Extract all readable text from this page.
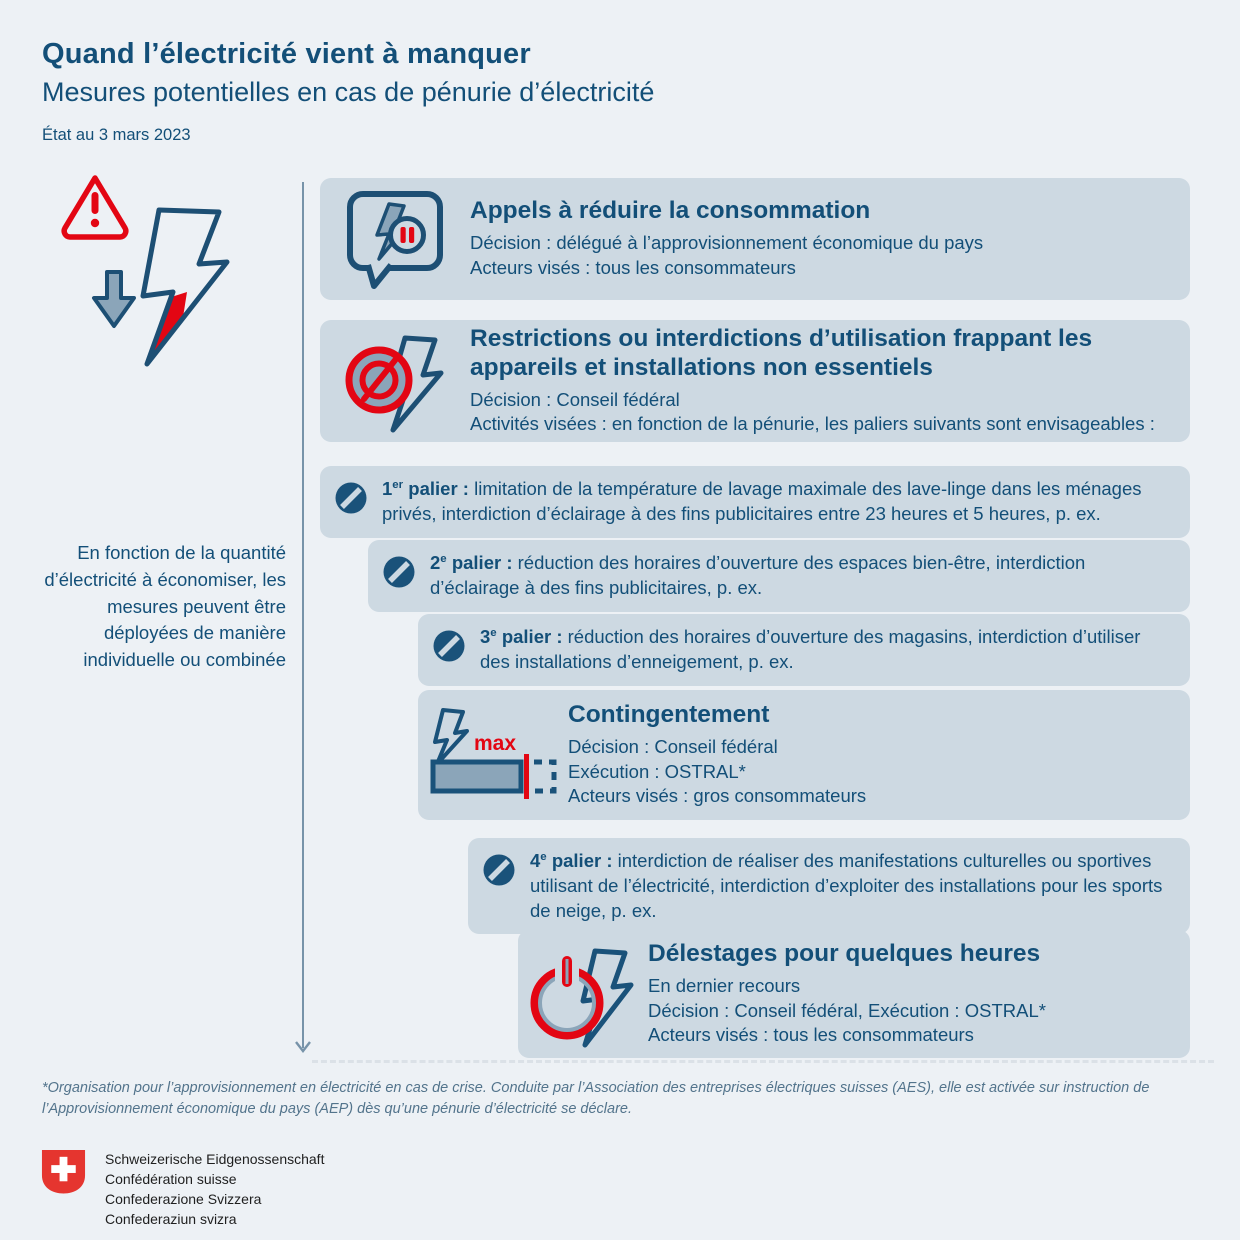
Quand l’électricité vient à manquer
Mesures potentielles en cas de pénurie d’électricité
État au 3 mars 2023
En fonction de la quantité d’électricité à économiser, les mesures peuvent être déployées de manière individuelle ou combinée
Appels à réduire la consommation
Décision : délégué à l’approvisionnement économique du pays
Acteurs visés : tous les consommateurs
Restrictions ou interdictions d’utilisation frappant les appareils et installations non essentiels
Décision : Conseil fédéral
Activités visées : en fonction de la pénurie, les paliers suivants sont envisageables :
1er palier : limitation de la température de lavage maximale des lave-linge dans les ménages privés, interdiction d’éclairage à des fins publicitaires entre 23 heures et 5 heures, p. ex.
2e palier : réduction des horaires d’ouverture des espaces bien-être, interdiction d’éclairage à des fins publicitaires, p. ex.
3e palier : réduction des horaires d’ouverture des magasins, interdiction d’utiliser des installations d’enneigement, p. ex.
max
Contingentement
Décision : Conseil fédéral
Exécution : OSTRAL*
Acteurs visés : gros consommateurs
4e palier : interdiction de réaliser des manifestations culturelles ou sportives utilisant de l’électricité, interdiction d’exploiter des installations pour les sports de neige, p. ex.
Délestages pour quelques heures
En dernier recours
Décision : Conseil fédéral, Exécution : OSTRAL*
Acteurs visés : tous les consommateurs
*Organisation pour l’approvisionnement en électricité en cas de crise. Conduite par l’Association des entreprises électriques suisses (AES), elle est activée sur instruction de l’Approvisionnement économique du pays (AEP) dès qu’une pénurie d’électricité se déclare.
Schweizerische Eidgenossenschaft
Confédération suisse
Confederazione Svizzera
Confederaziun svizra
